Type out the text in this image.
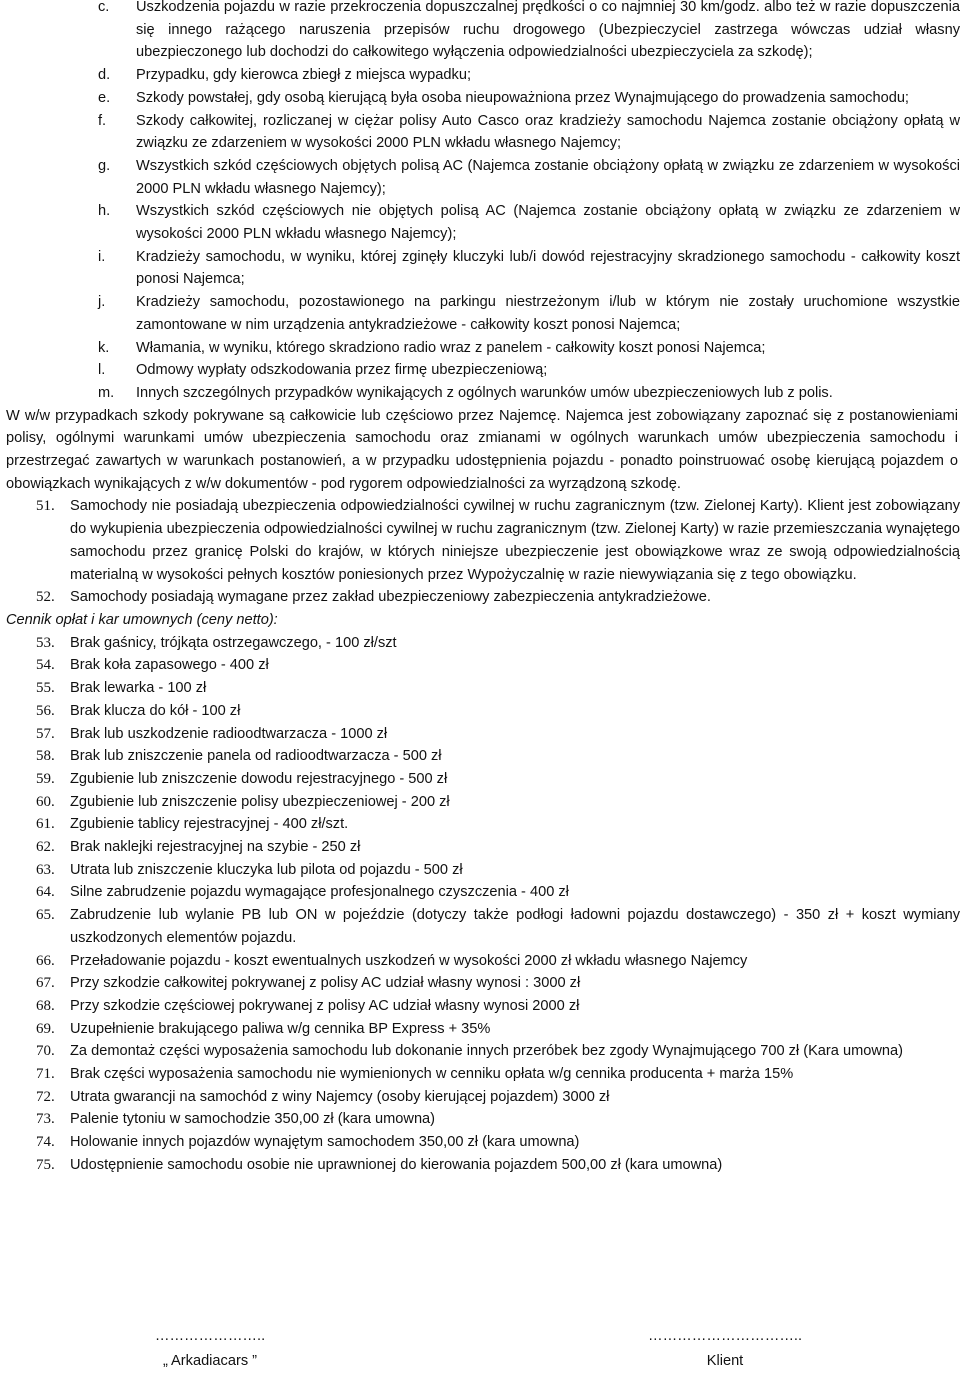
c.	Uszkodzenia pojazdu w razie przekroczenia dopuszczalnej prędkości o co najmniej 30 km/godz. albo też w razie dopuszczenia się innego rażącego naruszenia przepisów ruchu drogowego (Ubezpieczyciel zastrzega wówczas udział własny ubezpieczonego lub dochodzi do całkowitego wyłączenia odpowiedzialności ubezpieczyciela za szkodę);
d.	Przypadku, gdy kierowca zbiegł z miejsca wypadku;
e.	Szkody powstałej, gdy osobą kierującą była osoba nieupoważniona przez Wynajmującego do prowadzenia samochodu;
f.	Szkody całkowitej, rozliczanej w ciężar polisy Auto Casco oraz kradzieży samochodu Najemca zostanie obciążony opłatą w związku ze zdarzeniem w wysokości 2000 PLN wkładu własnego Najemcy;
g.	Wszystkich szkód częściowych objętych polisą AC (Najemca zostanie obciążony opłatą w związku ze zdarzeniem w wysokości 2000 PLN wkładu własnego Najemcy);
h.	Wszystkich szkód częściowych nie objętych polisą AC (Najemca zostanie obciążony opłatą w związku ze zdarzeniem w wysokości 2000 PLN wkładu własnego Najemcy);
i.	Kradzieży samochodu, w wyniku, której zginęły kluczyki lub/i dowód rejestracyjny skradzionego samochodu - całkowity koszt ponosi Najemca;
j.	Kradzieży samochodu, pozostawionego na parkingu niestrzeżonym i/lub w którym nie zostały uruchomione wszystkie zamontowane w nim urządzenia antykradzieżowe - całkowity koszt ponosi Najemca;
k.	Włamania, w wyniku, którego skradziono radio wraz z panelem - całkowity koszt ponosi Najemca;
l.	Odmowy wypłaty odszkodowania przez firmę ubezpieczeniową;
m.	Innych szczególnych przypadków wynikających z ogólnych warunków umów ubezpieczeniowych lub z polis.
W w/w przypadkach szkody pokrywane są całkowicie lub częściowo przez Najemcę. Najemca jest zobowiązany zapoznać się z postanowieniami polisy, ogólnymi warunkami umów ubezpieczenia samochodu oraz zmianami w ogólnych warunkach umów ubezpieczenia samochodu i przestrzegać zawartych w warunkach postanowień, a w przypadku udostępnienia pojazdu - ponadto poinstruować osobę kierującą pojazdem o obowiązkach wynikających z w/w dokumentów - pod rygorem odpowiedzialności za wyrządzoną szkodę.
51.	Samochody nie posiadają ubezpieczenia odpowiedzialności cywilnej w ruchu zagranicznym (tzw. Zielonej Karty). Klient jest zobowiązany do wykupienia ubezpieczenia odpowiedzialności cywilnej w ruchu zagranicznym (tzw. Zielonej Karty) w razie przemieszczania wynajętego samochodu przez granicę Polski do krajów, w których niniejsze ubezpieczenie jest obowiązkowe wraz ze swoją odpowiedzialnością materialną w wysokości pełnych kosztów poniesionych przez Wypożyczalnię w razie niewywiązania się z tego obowiązku.
52.	Samochody posiadają wymagane przez zakład ubezpieczeniowy zabezpieczenia antykradzieżowe.
Cennik opłat i kar umownych (ceny netto):
53.	Brak gaśnicy, trójkąta ostrzegawczego, - 100 zł/szt
54.	Brak koła zapasowego - 400 zł
55.	Brak lewarka - 100 zł
56.	Brak klucza do kół - 100 zł
57.	Brak lub uszkodzenie radioodtwarzacza - 1000 zł
58.	Brak lub zniszczenie panela od radioodtwarzacza - 500 zł
59.	Zgubienie lub zniszczenie dowodu rejestracyjnego - 500 zł
60.	Zgubienie lub zniszczenie polisy ubezpieczeniowej - 200 zł
61.	Zgubienie tablicy rejestracyjnej - 400 zł/szt.
62.	Brak naklejki rejestracyjnej na szybie - 250 zł
63.	Utrata lub zniszczenie kluczyka lub pilota od pojazdu - 500 zł
64.	Silne zabrudzenie pojazdu wymagające profesjonalnego czyszczenia - 400 zł
65.	Zabrudzenie lub wylanie PB lub ON w pojeździe (dotyczy także podłogi ładowni pojazdu dostawczego) - 350 zł + koszt wymiany uszkodzonych elementów pojazdu.
66.	Przeładowanie pojazdu - koszt ewentualnych uszkodzeń w wysokości 2000 zł wkładu własnego Najemcy
67.	Przy szkodzie całkowitej pokrywanej z polisy AC udział własny wynosi : 3000 zł
68.	Przy szkodzie częściowej pokrywanej z polisy AC udział własny wynosi 2000 zł
69.	Uzupełnienie brakującego paliwa w/g cennika BP Express + 35%
70.	Za demontaż części wyposażenia samochodu lub dokonanie innych przeróbek bez zgody Wynajmującego 700 zł (Kara umowna)
71.	Brak części wyposażenia samochodu nie wymienionych w cenniku opłata w/g cennika producenta + marża 15%
72.	Utrata gwarancji na samochód z winy Najemcy (osoby kierującej pojazdem) 3000 zł
73.	Palenie tytoniu w samochodzie 350,00 zł (kara umowna)
74.	Holowanie innych pojazdów wynajętym samochodem 350,00 zł (kara umowna)
75.	Udostępnienie samochodu osobie nie uprawnionej do kierowania pojazdem 500,00 zł (kara umowna)
…………………..
„ Arkadiacars ”
…………………………..
Klient
